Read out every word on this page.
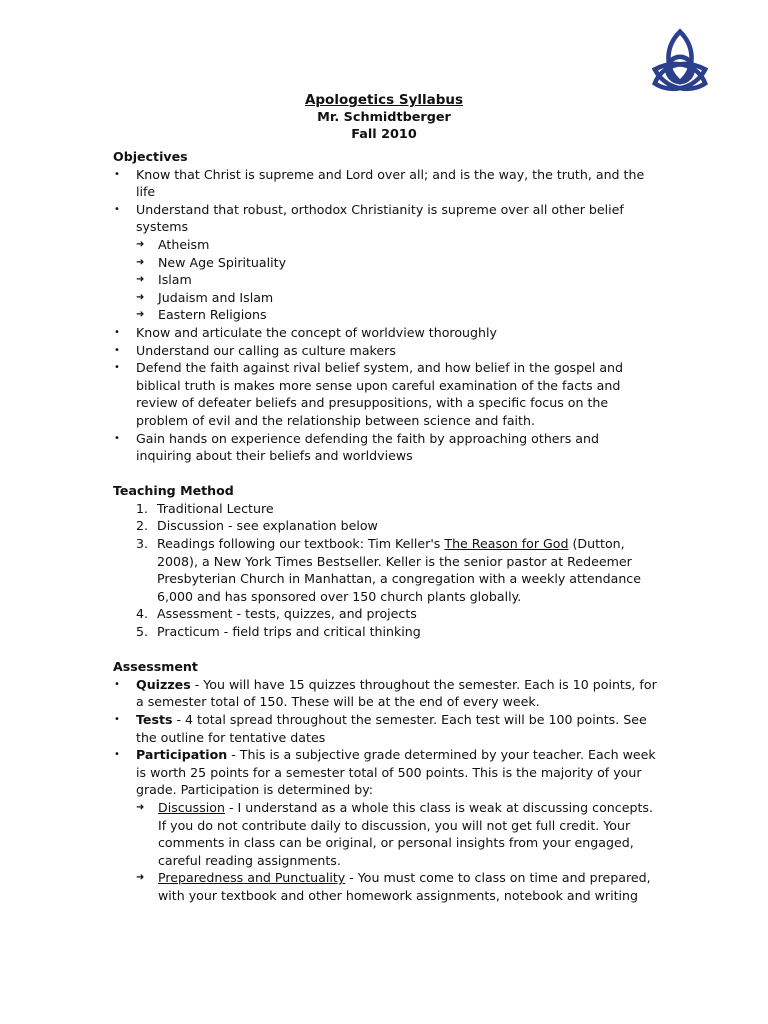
Apologetics Syllabus
Mr. Schmidtberger
Fall 2010
Objectives
• Know that Christ is supreme and Lord over all; and is the way, the truth, and the life
• Understand that robust, orthodox Christianity is supreme over all other belief systems
➜ Atheism
➜ New Age Spirituality
➜ Islam
➜ Judaism and Islam
➜ Eastern Religions
• Know and articulate the concept of worldview thoroughly
• Understand our calling as culture makers
• Defend the faith against rival belief system, and how belief in the gospel and biblical truth is makes more sense upon careful examination of the facts and review of defeater beliefs and presuppositions, with a specific focus on the problem of evil and the relationship between science and faith.
• Gain hands on experience defending the faith by approaching others and inquiring about their beliefs and worldviews
Teaching Method
1. Traditional Lecture
2. Discussion - see explanation below
3. Readings following our textbook: Tim Keller's The Reason for God (Dutton, 2008), a New York Times Bestseller. Keller is the senior pastor at Redeemer Presbyterian Church in Manhattan, a congregation with a weekly attendance 6,000 and has sponsored over 150 church plants globally.
4. Assessment - tests, quizzes, and projects
5. Practicum - field trips and critical thinking
Assessment
• Quizzes - You will have 15 quizzes throughout the semester. Each is 10 points, for a semester total of 150. These will be at the end of every week.
• Tests - 4 total spread throughout the semester. Each test will be 100 points. See the outline for tentative dates
• Participation - This is a subjective grade determined by your teacher. Each week is worth 25 points for a semester total of 500 points. This is the majority of your grade. Participation is determined by:
➜ Discussion - I understand as a whole this class is weak at discussing concepts. If you do not contribute daily to discussion, you will not get full credit. Your comments in class can be original, or personal insights from your engaged, careful reading assignments.
➜ Preparedness and Punctuality - You must come to class on time and prepared, with your textbook and other homework assignments, notebook and writing
